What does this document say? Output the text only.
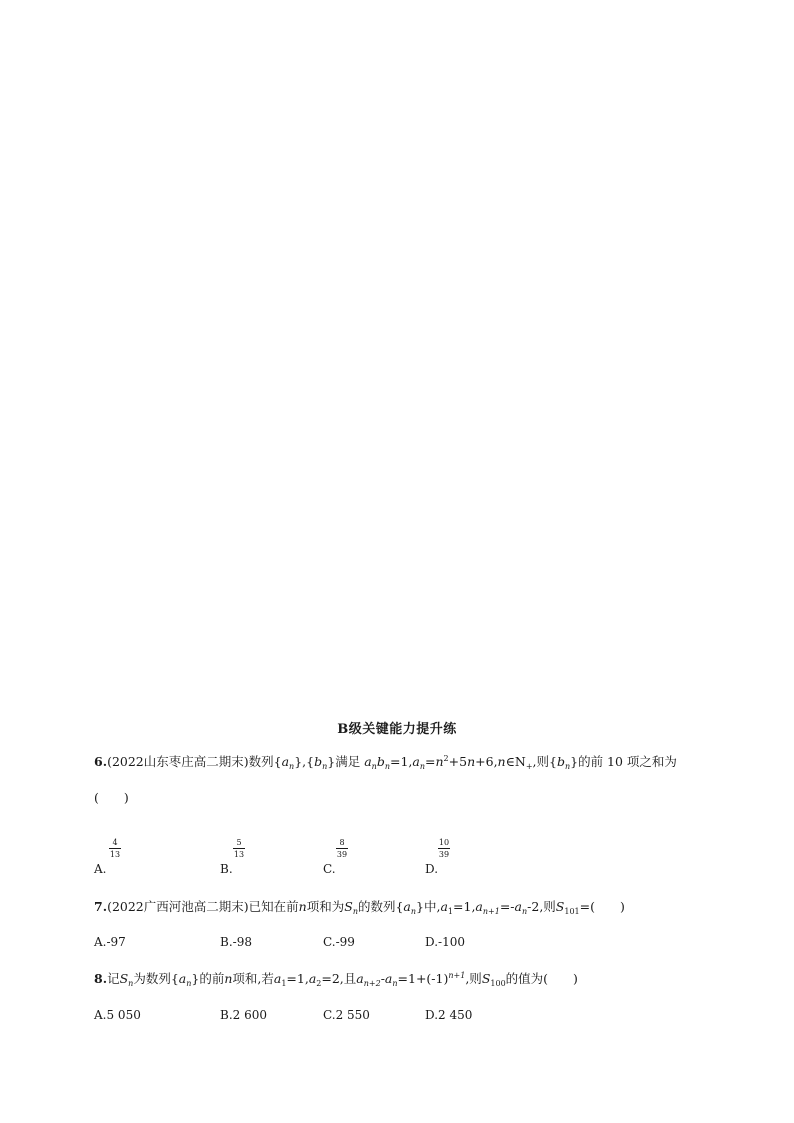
B级关键能力提升练
6.(2022山东枣庄高二期末)数列$\{a_n\},\{b_n\}$满足 $a_nb_n=1,a_n=n^2+5n+6,n\in N_+$,则$\{b_n\}$的前 10 项之和为
(　　)
4
13
A.
5
13
B.
8
39
C.
10
39
D.
7.(2022广西河池高二期末)已知在前n项和为$S_n$的数列$\{a_n\}$中$,a_1=1,a_{n+1}=-a_n-2$,则$S_{101}=$(　　)
A.-97	B.-98	C.-99	D.-100
8.记$S_n$为数列$\{a_n\}$的前n项和,若$a_1=1,a_2=2$,且$a_{n+2}-a_n=1+(-1)^{n+1}$,则$S_{100}$的值为(　　)
A.5 050	B.2 600	C.2 550	D.2 450
